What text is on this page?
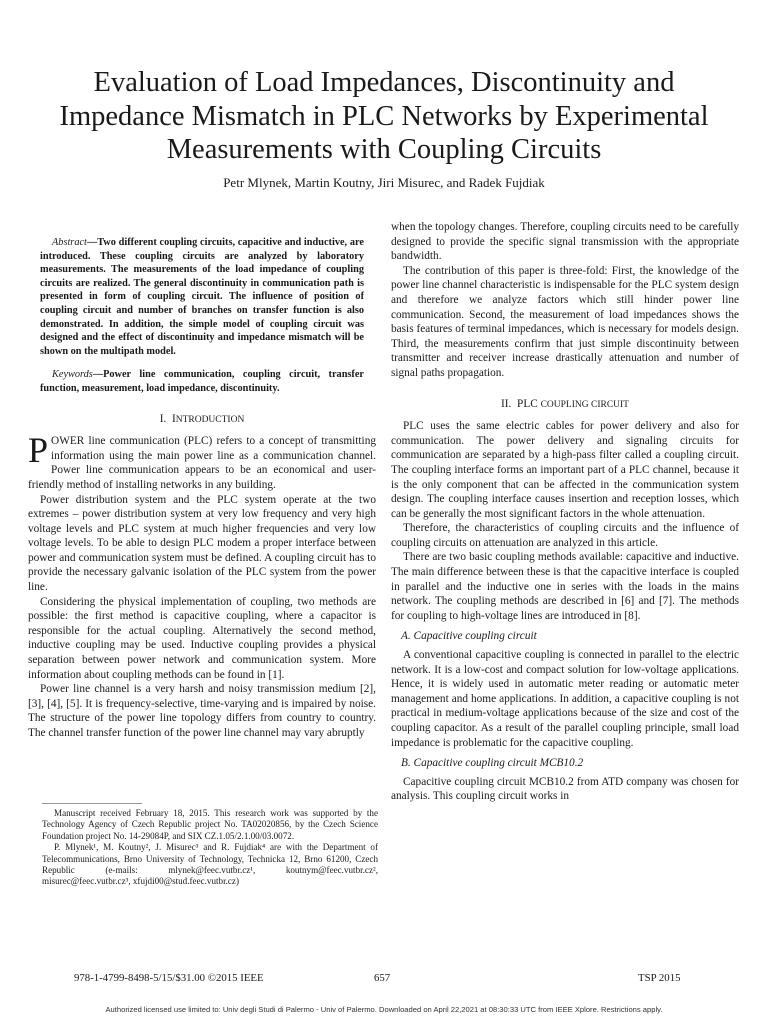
Evaluation of Load Impedances, Discontinuity and Impedance Mismatch in PLC Networks by Experimental Measurements with Coupling Circuits
Petr Mlynek, Martin Koutny, Jiri Misurec, and Radek Fujdiak

Abstract—Two different coupling circuits, capacitive and inductive, are introduced. These coupling circuits are analyzed by laboratory measurements. The measurements of the load impedance of coupling circuits are realized. The general discontinuity in communication path is presented in form of coupling circuit. The influence of position of coupling circuit and number of branches on transfer function is also demonstrated. In addition, the simple model of coupling circuit was designed and the effect of discontinuity and impedance mismatch will be shown on the multipath model.

Keywords—Power line communication, coupling circuit, transfer function, measurement, load impedance, discontinuity.

I. INTRODUCTION

POWER line communication (PLC) refers to a concept of transmitting information using the main power line as a communication channel. Power line communication appears to be an economical and user-friendly method of installing networks in any building.

Power distribution system and the PLC system operate at the two extremes – power distribution system at very low frequency and very high voltage levels and PLC system at much higher frequencies and very low voltage levels. To be able to design PLC modem a proper interface between power and communication system must be defined. A coupling circuit has to provide the necessary galvanic isolation of the PLC system from the power line.

Considering the physical implementation of coupling, two methods are possible: the first method is capacitive coupling, where a capacitor is responsible for the actual coupling. Alternatively the second method, inductive coupling may be used. Inductive coupling provides a physical separation between power network and communication system. More information about coupling methods can be found in [1].

Power line channel is a very harsh and noisy transmission medium [2], [3], [4], [5]. It is frequency-selective, time-varying and is impaired by noise. The structure of the power line topology differs from country to country. The channel transfer function of the power line channel may vary abruptly

Manuscript received February 18, 2015. This research work was supported by the Technology Agency of Czech Republic project No. TA02020856, by the Czech Science Foundation project No. 14-29084P, and SIX CZ.1.05/2.1.00/03.0072.

P. Mlynek¹, M. Koutny², J. Misurec³ and R. Fujdiak⁴ are with the Department of Telecommunications, Brno University of Technology, Technicka 12, Brno 61200, Czech Republic (e-mails: mlynek@feec.vutbr.cz¹, koutnym@feec.vutbr.cz², misurec@feec.vutbr.cz³, xfujdi00@stud.feec.vutbr.cz)

when the topology changes. Therefore, coupling circuits need to be carefully designed to provide the specific signal transmission with the appropriate bandwidth.

The contribution of this paper is three-fold: First, the knowledge of the power line channel characteristic is indispensable for the PLC system design and therefore we analyze factors which still hinder power line communication. Second, the measurement of load impedances shows the basis features of terminal impedances, which is necessary for models design. Third, the measurements confirm that just simple discontinuity between transmitter and receiver increase drastically attenuation and number of signal paths propagation.

II. PLC COUPLING CIRCUIT

PLC uses the same electric cables for power delivery and also for communication. The power delivery and signaling circuits for communication are separated by a high-pass filter called a coupling circuit. The coupling interface forms an important part of a PLC channel, because it is the only component that can be affected in the communication system design. The coupling interface causes insertion and reception losses, which can be generally the most significant factors in the whole attenuation.

Therefore, the characteristics of coupling circuits and the influence of coupling circuits on attenuation are analyzed in this article.

There are two basic coupling methods available: capacitive and inductive. The main difference between these is that the capacitive interface is coupled in parallel and the inductive one in series with the loads in the mains network. The coupling methods are described in [6] and [7]. The methods for coupling to high-voltage lines are introduced in [8].

A. Capacitive coupling circuit

A conventional capacitive coupling is connected in parallel to the electric network. It is a low-cost and compact solution for low-voltage applications. Hence, it is widely used in automatic meter reading or automatic meter management and home applications. In addition, a capacitive coupling is not practical in medium-voltage applications because of the size and cost of the coupling capacitor. As a result of the parallel coupling principle, small load impedance is problematic for the capacitive coupling.

B. Capacitive coupling circuit MCB10.2

Capacitive coupling circuit MCB10.2 from ATD company was chosen for analysis. This coupling circuit works in

978-1-4799-8498-5/15/$31.00 ©2015 IEEE	657	TSP 2015
Authorized licensed use limited to: Univ degli Studi di Palermo - Univ of Palermo. Downloaded on April 22,2021 at 08:30:33 UTC from IEEE Xplore. Restrictions apply.
